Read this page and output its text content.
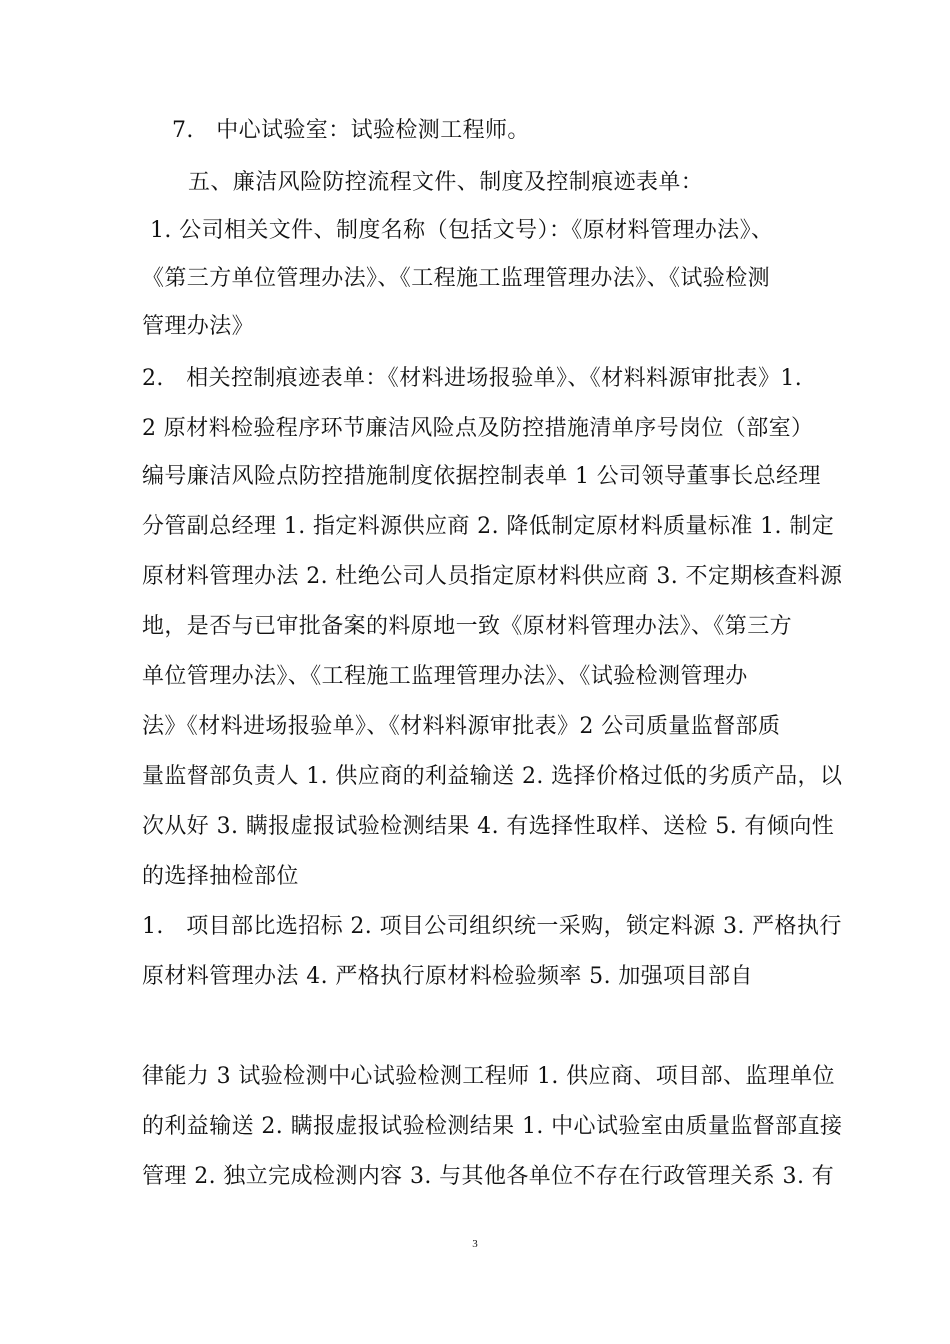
7.　中心试验室：试验检测工程师。
五、廉洁风险防控流程文件、制度及控制痕迹表单：
1. 公司相关文件、制度名称（包括文号）：《原材料管理办法》、
《第三方单位管理办法》、《工程施工监理管理办法》、《试验检测
管理办法》
2.　相关控制痕迹表单：《材料进场报验单》、《材料料源审批表》1.
2 原材料检验程序环节廉洁风险点及防控措施清单序号岗位（部室）
编号廉洁风险点防控措施制度依据控制表单 1 公司领导董事长总经理
分管副总经理 1. 指定料源供应商 2. 降低制定原材料质量标准 1. 制定
原材料管理办法 2. 杜绝公司人员指定原材料供应商 3. 不定期核查料源
地，是否与已审批备案的料原地一致《原材料管理办法》、《第三方
单位管理办法》、《工程施工监理管理办法》、《试验检测管理办
法》《材料进场报验单》、《材料料源审批表》2 公司质量监督部质
量监督部负责人 1. 供应商的利益输送 2. 选择价格过低的劣质产品，以
次从好 3. 瞒报虚报试验检测结果 4. 有选择性取样、送检 5. 有倾向性
的选择抽检部位
1.　项目部比选招标 2. 项目公司组织统一采购，锁定料源 3. 严格执行
原材料管理办法 4. 严格执行原材料检验频率 5. 加强项目部自
律能力 3 试验检测中心试验检测工程师 1. 供应商、项目部、监理单位
的利益输送 2. 瞒报虚报试验检测结果 1. 中心试验室由质量监督部直接
管理 2. 独立完成检测内容 3. 与其他各单位不存在行政管理关系 3. 有
3
